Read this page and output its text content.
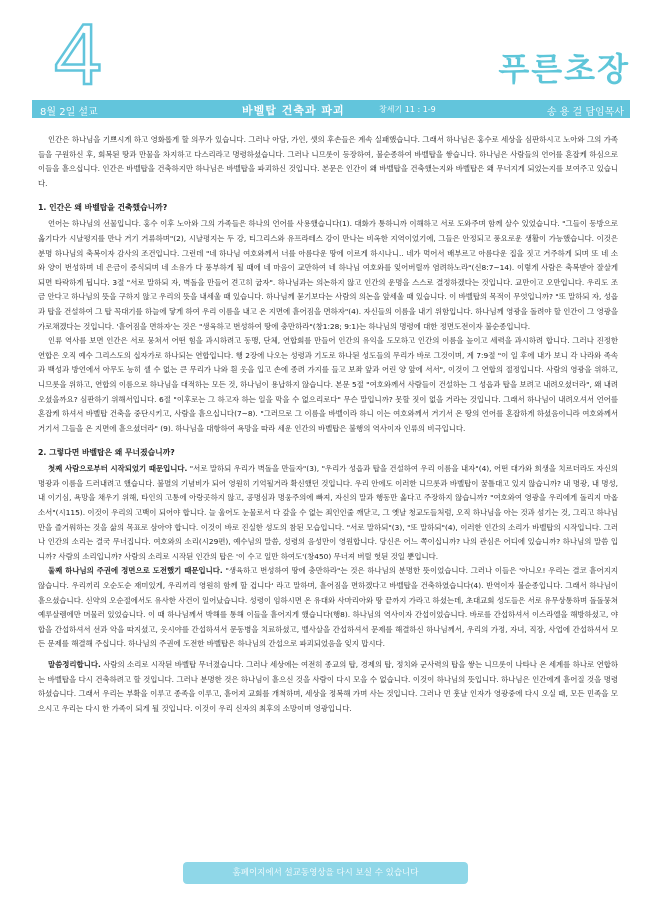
4	푸른초장
8월 2일 설교	바벨탑 건축과 파괴	창세기 11 : 1-9	송 용 걸 담임목사

인간은 하나님을 기쁘시게 하고 영화롭게 할 의무가 있습니다. 그러나 아담, 가인, 셋의 후손들은 계속 실패했습니다. 그래서 하나님은 홍수로 세상을 심판하시고 노아와 그의 가족들을 구원하신 후, 회복된 땅과 만물을 차지하고 다스리라고 명령하셨습니다. 그러나 니므롯이 등장하여, 불순종하여 바벨탑을 쌓습니다. 하나님은 사람들의 언어를 혼잡케 하심으로 이들을 흩으십니다. 인간은 바벨탑을 건축하지만 하나님은 바벨탑을 파괴하신 것입니다. 본문은 인간이 왜 바벨탑을 건축했는지와 바벨탑은 왜 무너지게 되었는지를 보여주고 있습니다.

1. 인간은 왜 바벨탑을 건축했습니까?

언어는 하나님의 선물입니다. 홍수 이후 노아와 그의 가족들은 하나의 언어를 사용했습니다(1). 대화가 통하니까 이해하고 서로 도와주며 함께 살수 있었습니다. "그들이 동방으로 옮기다가 시날평지를 만나 거기 거류하며"(2), 시날평지는 두 강, 티그리스와 유프라테스 강이 만나는 비옥한 지역이었기에, 그들은 안정되고 풍요로운 생활이 가능했습니다. 이것은 분명 하나님의 축복이자 감사의 조건입니다. 그런데 "네 하나님 여호와께서 너를 아름다운 땅에 이르게 하시나니.. 네가 먹어서 배부르고 아름다운 집을 짓고 거주하게 되며 또 네 소와 양이 번성하며 네 은금이 증식되며 네 소유가 다 풍부하게 될 때에 네 마음이 교만하여 네 하나님 여호와를 잊어버릴까 염려하노라"(신8:7~14). 이렇게 사람은 축복받아 잘살게 되면 타락하게 됩니다. 3절 "서로 말하되 자, 벽돌을 만들어 견고히 굽자". 하나님과는 의논하지 않고 인간의 운명을 스스로 결정하겠다는 것입니다. 교만이고 오만입니다. 우리도 조금 안다고 하나님의 뜻을 구하지 않고 우리의 뜻을 내세울 때 있습니다. 하나님께 묻기보다는 사람의 의논을 앞세울 때 있습니다. 이 바벨탑의 목적이 무엇입니까? "또 말하되 자, 성읍과 탑을 건설하여 그 탑 꼭대기를 하늘에 닿게 하여 우리 이름을 내고 온 지면에 흩어짐을 면하자"(4). 자신들의 이름을 내기 위함입니다. 하나님께 영광을 돌려야 할 인간이 그 영광을 가로채겠다는 것입니다. '흩어짐을 면하자'는 것은 "생육하고 번성하여 땅에 충만하라"(창1:28; 9:1)는 하나님의 명령에 대한 정면도전이자 불순종입니다.

인류 역사를 보면 인간은 서로 뭉쳐서 어떤 힘을 과시하려고 동맹, 단체, 연합회를 만들어 인간의 유익을 도모하고 인간의 이름을 높이고 세력을 과시하려 합니다. 그러나 진정한 연합은 오직 예수 그리스도의 십자가로 하나되는 연합입니다. 행 2장에 나오는 성령과 기도로 하나된 성도들의 무리가 바로 그것이며, 계 7:9절 "이 일 후에 내가 보니 각 나라와 족속과 백성과 방언에서 아무도 능히 셀 수 없는 큰 무리가 나와 흰 옷을 입고 손에 종려 가지를 들고 보좌 앞과 어린 양 앞에 서서", 이것이 그 연합의 절정입니다. 사람의 영광을 위하고, 니므롯을 위하고, 연합의 이름으로 하나님을 대적하는 모든 것, 하나님이 용납하지 않습니다. 본문 5절 "여호와께서 사람들이 건설하는 그 성읍과 탑을 보려고 내려오셨더라", 왜 내려오셨을까요? 심판하기 위해서입니다. 6절 "이후로는 그 하고자 하는 일을 막을 수 없으리로다" 무슨 말입니까? 못할 짓이 없을 거라는 것입니다. 그래서 하나님이 내려오셔서 언어를 혼잡케 하셔서 바벨탑 건축을 중단시키고, 사람을 흩으십니다(7~8). "그러므로 그 이름을 바벨이라 하니 이는 여호와께서 거기서 온 땅의 언어를 혼잡하게 하셨음이니라 여호와께서 거기서 그들을 온 지면에 흩으셨더라" (9). 하나님을 대항하여 욕망을 따라 세운 인간의 바벨탑은 불행의 역사이자 인류의 비극입니다.

2. 그렇다면 바벨탑은 왜 무너졌습니까?

첫째 사람으로부터 시작되었기 때문입니다. "서로 말하되 우리가 벽돌을 만들자"(3), "우리가 성읍과 탑을 건설하여 우리 이름을 내자"(4), 어떤 대가와 희생을 치르더라도 자신의 명광과 이름을 드러내려고 했습니다. 불멸의 기념비가 되어 영원히 기억될거라 확신했던 것입니다. 우리 안에도 이러한 니므롯과 바벨탑이 꿈틀대고 있지 않습니까? 내 명광, 내 명성, 내 이기심, 욕망을 채우기 위해, 타인의 고통에 아랑곳하지 않고, 공명심과 명웅주의에 빠져, 자신의 말과 행동만 옳다고 주장하지 않습니까? "여호와여 영광을 우리에게 돌리지 마옵소서"(시115). 이것이 우리의 고백이 되어야 합니다. 늘 울어도 눈물로서 다 갚을 수 없는 죄인인줄 깨닫고, 그 옛날 청교도들처럼, 오직 하나님을 아는 것과 섬기는 것, 그리고 하나님만을 즐거워하는 것을 삶의 목표로 삼아야 합니다. 이것이 바로 진실한 성도의 참된 모습입니다. "서로 말하되"(3), "또 말하되"(4), 이러한 인간의 소리가 바벨탑의 시작입니다. 그러나 인간의 소리는 결국 무너집니다. 여호와의 소리(시29편), 예수님의 말씀, 성령의 음성만이 영원합니다. 당신은 어느 쪽이십니까? 나의 관심은 어디에 있습니까? 하나님의 말씀 입니까? 사람의 소리입니까? 사람의 소리로 시작된 인간의 탑은 '이 수고 일만 하여도'(창450) 무너져 버릴 헛된 것일 뿐입니다.

둘째 하나님의 주권에 정면으로 도전했기 때문입니다. "생육하고 번성하여 땅에 충만하라"는 것은 하나님의 분명한 뜻이었습니다. 그러나 이들은 '아니오! 우리는 결코 흩어지지 않습니다. 우리끼리 오순도순 재미있게, 우리끼리 영원히 함께 할 겁니다' 라고 말하며, 흩어짐을 면하겠다고 바벨탑을 건축하였습니다(4). 반역이자 불순종입니다. 그래서 하나님이 흩으셨습니다. 신약의 오순절에서도 유사한 사건이 일어났습니다. 성령이 임하시면 온 유대와 사마리아와 땅 끝까지 가라고 하셨는데, 초대교회 성도들은 서로 유무상통하며 돌돌뭉쳐 예루살렘에만 머물러 있었습니다. 이 때 하나님께서 박해를 통해 이들을 흩어지게 했습니다(행8). 하나님의 역사이자 간섭이었습니다. 바로를 간섭하셔서 이스라엘을 해방하셨고, 야합을 간섭하셔서 선과 악을 따지셨고, 옷시야를 간섭하셔서 문동병을 치료하셨고, 벨사살을 간섭하셔서 문제를 해결하신 하나님께서, 우리의 가정, 자녀, 직장, 사업에 간섭하셔서 모든 문제를 해결해 주십니다. 하나님의 주권에 도전한 바벨탑은 하나님의 간섭으로 파괴되었음을 잊지 맙시다.

말씀정리합니다. 사람의 소리로 시작된 바벨탑 무너졌습니다. 그러나 세상에는 여전히 종교의 탑, 경제의 탑, 정치와 군사력의 탑을 쌓는 니므롯이 나타나 온 세계를 하나로 연합하는 바벨탑을 다시 건축하려고 할 것입니다. 그러나 분명한 것은 하나님이 흩으신 것을 사람이 다시 모을 수 없습니다. 이것이 하나님의 뜻입니다. 하나님은 인간에게 흩어질 것을 명령하셨습니다. 그래서 우리는 부확을 이루고 종족을 이루고, 흩어져 교회를 개척하며, 세상을 정복해 가며 사는 것입니다. 그러나 먼 훗날 인자가 영광중에 다시 오실 때, 모든 민족을 모으시고 우리는 다시 한 가족이 되게 될 것입니다. 이것이 우리 신자의 최후의 소망이며 영광입니다.

홈페이지에서 설교동영상을 다시 보실 수 있습니다
